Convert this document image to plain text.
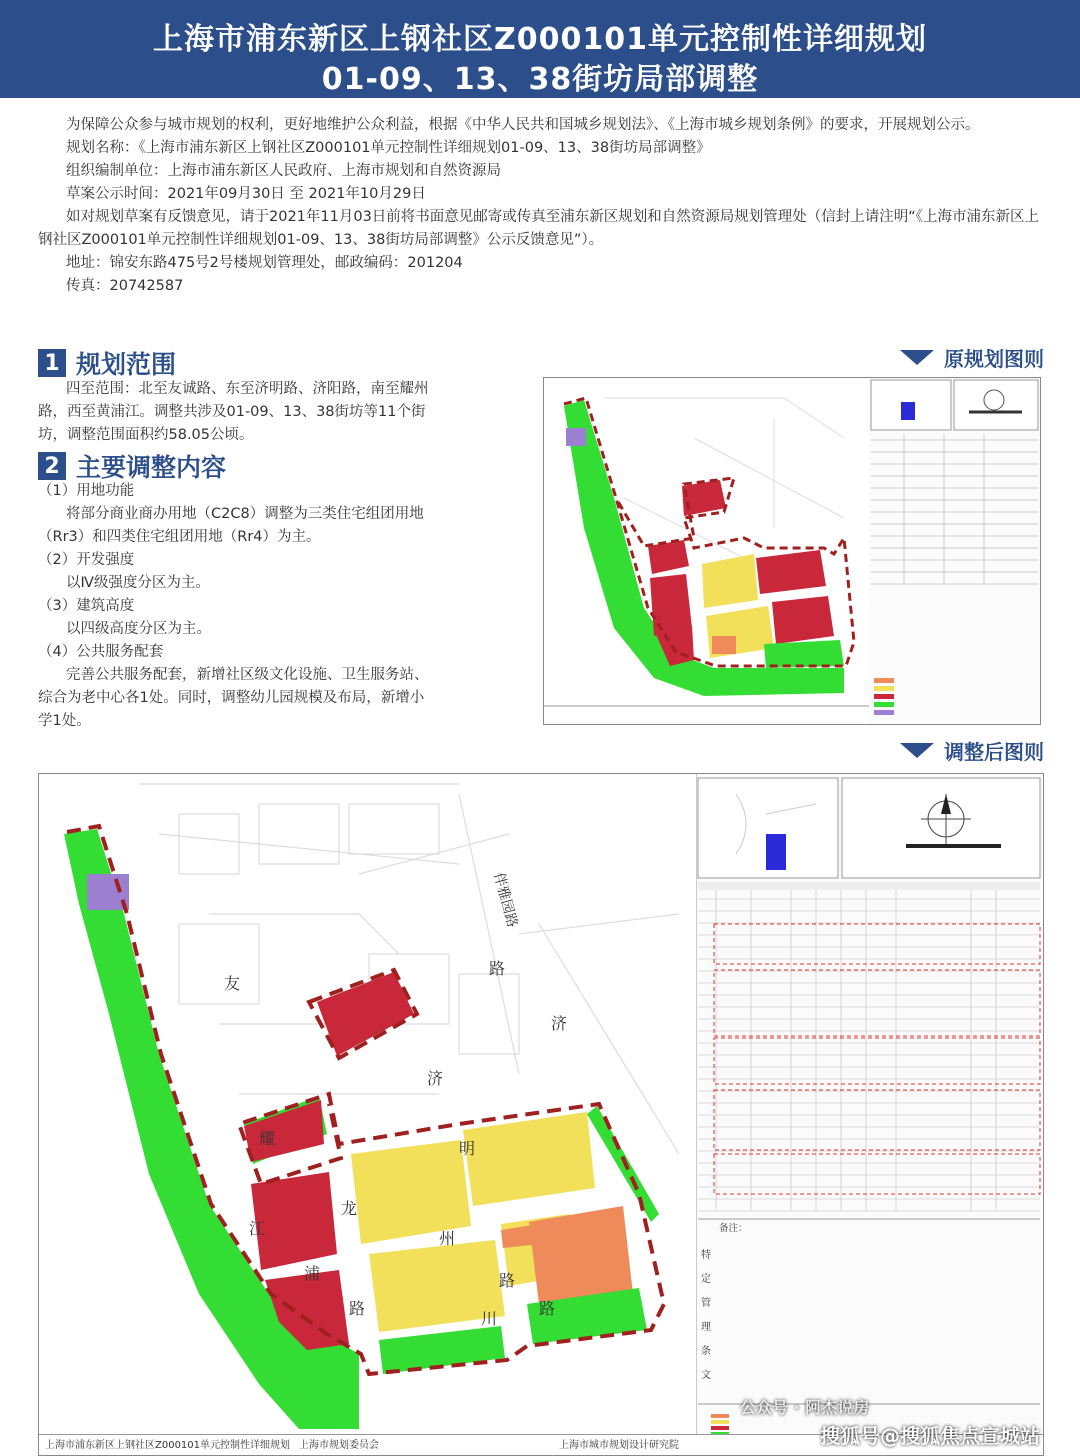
上海市浦东新区上钢社区Z000101单元控制性详细规划
01-09、13、38街坊局部调整

为保障公众参与城市规划的权利，更好地维护公众利益，根据《中华人民共和国城乡规划法》、《上海市城乡规划条例》的要求，开展规划公示。

规划名称：《上海市浦东新区上钢社区Z000101单元控制性详细规划01-09、13、38街坊局部调整》

组织编制单位：上海市浦东新区人民政府、上海市规划和自然资源局

草案公示时间：2021年09月30日 至 2021年10月29日

如对规划草案有反馈意见，请于2021年11月03日前将书面意见邮寄或传真至浦东新区规划和自然资源局规划管理处（信封上请注明“《上海市浦东新区上钢社区Z000101单元控制性详细规划01-09、13、38街坊局部调整》公示反馈意见”）。

地址：锦安东路475号2号楼规划管理处，邮政编码：201204

传真：20742587

1 规划范围

四至范围：北至友诚路、东至济明路、济阳路，南至耀州路，西至黄浦江。调整共涉及01-09、13、38街坊等11个街坊，调整范围面积约58.05公顷。

2 主要调整内容

（1）用地功能

将部分商业商办用地（C2C8）调整为三类住宅组团用地（Rr3）和四类住宅组团用地（Rr4）为主。

（2）开发强度

以Ⅳ级强度分区为主。

（3）建筑高度

以四级高度分区为主。

（4）公共服务配套

完善公共服务配套，新增社区级文化设施、卫生服务站、综合为老中心各1处。同时，调整幼儿园规模及布局，新增小学1处。

原规划图则
调整后图则
友
济
济
明
路
耀
浦
江
龙
州
路
路
川
路
伴雅园路

备注：

特定管理条文
上海市浦东新区上钢社区Z000101单元控制性详细规划 上海市规划委员会	上海市城市规划设计研究院
公众号 · 阿杰说房
搜狐号@搜狐焦点宣城站
